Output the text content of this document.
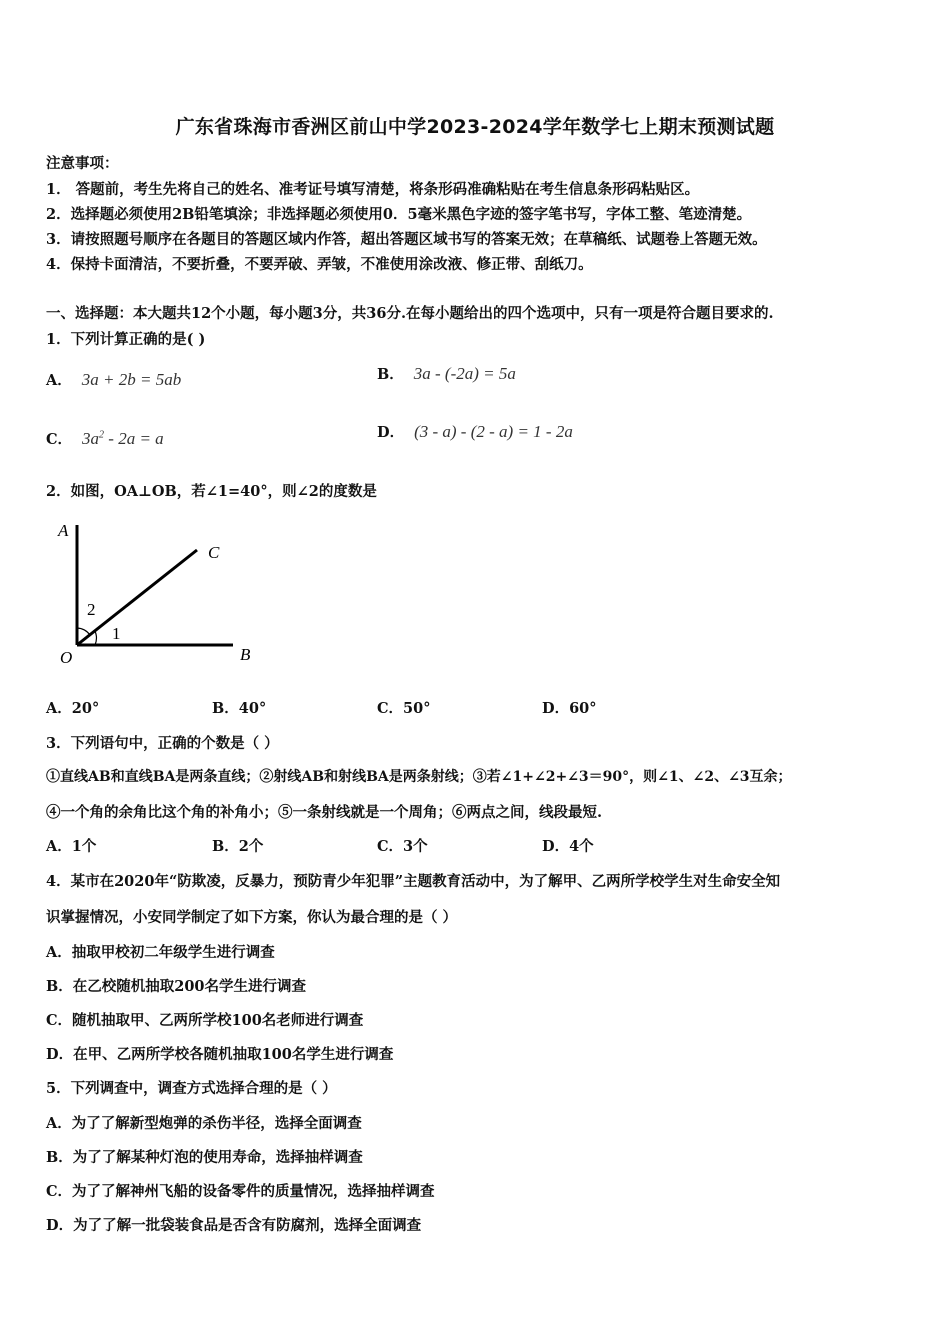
广东省珠海市香洲区前山中学2023-2024学年数学七上期末预测试题
注意事项：
1． 答题前，考生先将自己的姓名、准考证号填写清楚，将条形码准确粘贴在考生信息条形码粘贴区。
2．选择题必须使用2B铅笔填涂；非选择题必须使用0．5毫米黑色字迹的签字笔书写，字体工整、笔迹清楚。
3．请按照题号顺序在各题目的答题区域内作答，超出答题区域书写的答案无效；在草稿纸、试题卷上答题无效。
4．保持卡面清洁，不要折叠，不要弄破、弄皱，不准使用涂改液、修正带、刮纸刀。
一、选择题：本大题共12个小题，每小题3分，共36分.在每小题给出的四个选项中，只有一项是符合题目要求的.
1．下列计算正确的是( )
A． 3a + 2b = 5ab	B． 3a - (-2a) = 5a
C． $3a^2 - 2a = a$	D． (3 - a) - (2 - a) = 1 - 2a
2．如图，OA⊥OB，若∠1=40°，则∠2的度数是
A
C
B
O
2
1
A．20°	B．40°	C．50°	D．60°
3．下列语句中，正确的个数是（ ）
①直线AB和直线BA是两条直线；②射线AB和射线BA是两条射线；③若∠1+∠2+∠3＝90°，则∠1、∠2、∠3互余；
④一个角的余角比这个角的补角小；⑤一条射线就是一个周角；⑥两点之间，线段最短.
A．1个	B．2个	C．3个	D．4个
4．某市在2020年“防欺凌，反暴力，预防青少年犯罪”主题教育活动中，为了解甲、乙两所学校学生对生命安全知
识掌握情况，小安同学制定了如下方案，你认为最合理的是（ ）
A．抽取甲校初二年级学生进行调查
B．在乙校随机抽取200名学生进行调查
C．随机抽取甲、乙两所学校100名老师进行调查
D．在甲、乙两所学校各随机抽取100名学生进行调查
5．下列调查中，调查方式选择合理的是（ ）
A．为了了解新型炮弹的杀伤半径，选择全面调查
B．为了了解某种灯泡的使用寿命，选择抽样调查
C．为了了解神州飞船的设备零件的质量情况，选择抽样调查
D．为了了解一批袋装食品是否含有防腐剂，选择全面调查
